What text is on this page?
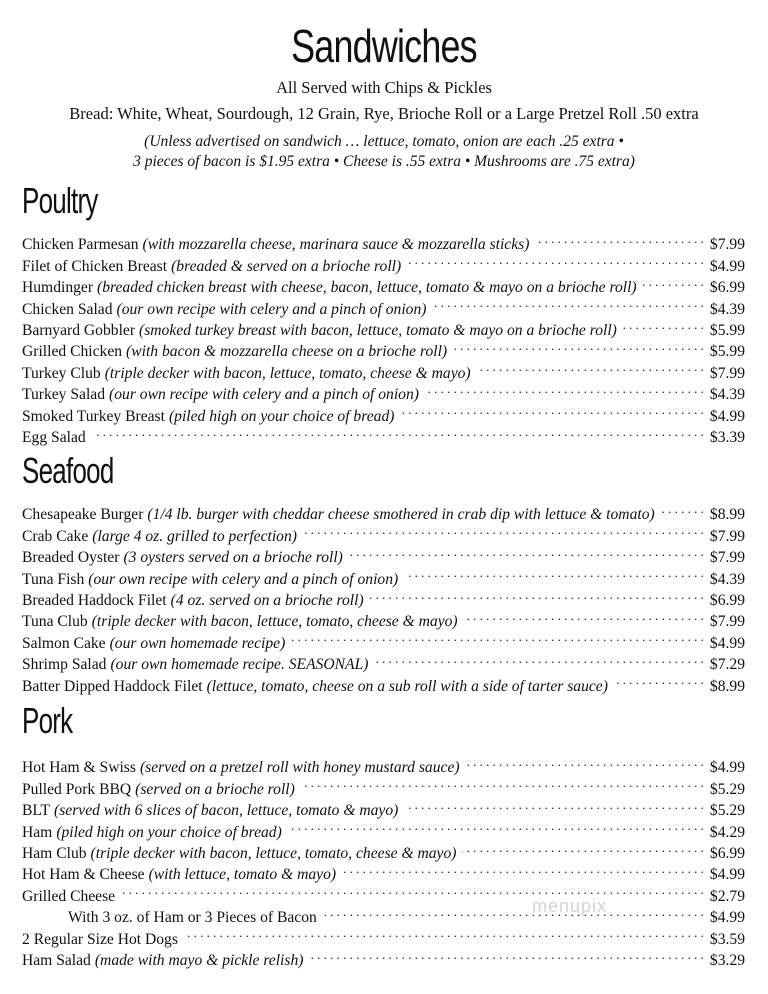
Sandwiches
All Served with Chips & Pickles
Bread: White, Wheat, Sourdough, 12 Grain, Rye, Brioche Roll or a Large Pretzel Roll .50 extra
(Unless advertised on sandwich … lettuce, tomato, onion are each .25 extra •
3 pieces of bacon is $1.95 extra • Cheese is .55 extra • Mushrooms are .75 extra)
Poultry
Chicken Parmesan (with mozzarella cheese, marinara sauce & mozzarella sticks) . . .	$7.99
Filet of Chicken Breast (breaded & served on a brioche roll) . . .	$4.99
Humdinger (breaded chicken breast with cheese, bacon, lettuce, tomato & mayo on a brioche roll) . . .	$6.99
Chicken Salad (our own recipe with celery and a pinch of onion) . . .	$4.39
Barnyard Gobbler (smoked turkey breast with bacon, lettuce, tomato & mayo on a brioche roll) . . .	$5.99
Grilled Chicken (with bacon & mozzarella cheese on a brioche roll) . . .	$5.99
Turkey Club (triple decker with bacon, lettuce, tomato, cheese & mayo) . . .	$7.99
Turkey Salad (our own recipe with celery and a pinch of onion) . . .	$4.39
Smoked Turkey Breast (piled high on your choice of bread) . . .	$4.99
Egg Salad . . .	$3.39
Seafood
Chesapeake Burger (1/4 lb. burger with cheddar cheese smothered in crab dip with lettuce & tomato) . . .	$8.99
Crab Cake (large 4 oz. grilled to perfection) . . .	$7.99
Breaded Oyster (3 oysters served on a brioche roll) . . .	$7.99
Tuna Fish (our own recipe with celery and a pinch of onion) . . .	$4.39
Breaded Haddock Filet (4 oz. served on a brioche roll) . . .	$6.99
Tuna Club (triple decker with bacon, lettuce, tomato, cheese & mayo) . . .	$7.99
Salmon Cake (our own homemade recipe) . . .	$4.99
Shrimp Salad (our own homemade recipe. SEASONAL) . . .	$7.29
Batter Dipped Haddock Filet (lettuce, tomato, cheese on a sub roll with a side of tarter sauce) . . .	$8.99
Pork
Hot Ham & Swiss (served on a pretzel roll with honey mustard sauce) . . .	$4.99
Pulled Pork BBQ (served on a brioche roll) . . .	$5.29
BLT (served with 6 slices of bacon, lettuce, tomato & mayo) . . .	$5.29
Ham (piled high on your choice of bread) . . .	$4.29
Ham Club (triple decker with bacon, lettuce, tomato, cheese & mayo) . . .	$6.99
Hot Ham & Cheese (with lettuce, tomato & mayo) . . .	$4.99
Grilled Cheese . . .	$2.79
With 3 oz. of Ham or 3 Pieces of Bacon . . .	$4.99
2 Regular Size Hot Dogs . . .	$3.59
Ham Salad (made with mayo & pickle relish) . . .	$3.29
menupix
